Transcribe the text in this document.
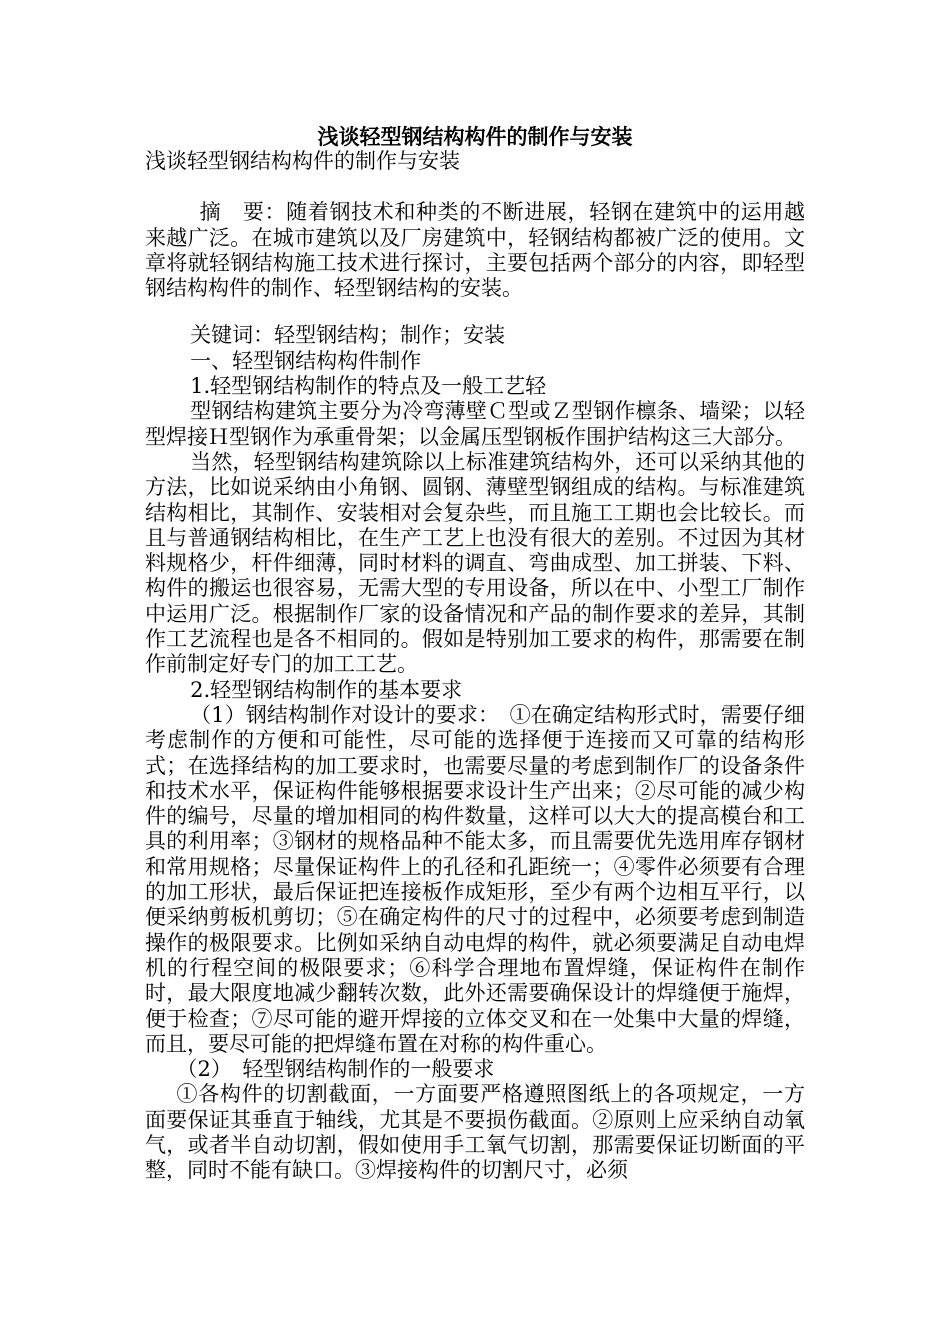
浅谈轻型钢结构构件的制作与安装

浅谈轻型钢结构构件的制作与安装

摘　要：随着钢技术和种类的不断进展，轻钢在建筑中的运用越来越广泛。在城市建筑以及厂房建筑中，轻钢结构都被广泛的使用。文章将就轻钢结构施工技术进行探讨，主要包括两个部分的内容，即轻型钢结构构件的制作、轻型钢结构的安装。

关键词：轻型钢结构；制作；安装

一、轻型钢结构构件制作

1.轻型钢结构制作的特点及一般工艺轻

型钢结构建筑主要分为冷弯薄壁Ｃ型或Ｚ型钢作檩条、墙梁；以轻型焊接Ｈ型钢作为承重骨架；以金属压型钢板作围护结构这三大部分。

当然，轻型钢结构建筑除以上标准建筑结构外，还可以采纳其他的方法，比如说采纳由小角钢、圆钢、薄壁型钢组成的结构。与标准建筑结构相比，其制作、安装相对会复杂些，而且施工工期也会比较长。而且与普通钢结构相比，在生产工艺上也没有很大的差别。不过因为其材料规格少，杆件细薄，同时材料的调直、弯曲成型、加工拼装、下料、构件的搬运也很容易，无需大型的专用设备，所以在中、小型工厂制作中运用广泛。根据制作厂家的设备情况和产品的制作要求的差异，其制作工艺流程也是各不相同的。假如是特别加工要求的构件，那需要在制作前制定好专门的加工工艺。

2.轻型钢结构制作的基本要求

（1）钢结构制作对设计的要求：　①在确定结构形式时，需要仔细考虑制作的方便和可能性，尽可能的选择便于连接而又可靠的结构形式；在选择结构的加工要求时，也需要尽量的考虑到制作厂的设备条件和技术水平，保证构件能够根据要求设计生产出来；②尽可能的减少构件的编号，尽量的增加相同的构件数量，这样可以大大的提高模台和工具的利用率；③钢材的规格品种不能太多，而且需要优先选用库存钢材和常用规格；尽量保证构件上的孔径和孔距统一；④零件必须要有合理的加工形状，最后保证把连接板作成矩形，至少有两个边相互平行，以便采纳剪板机剪切；⑤在确定构件的尺寸的过程中，必须要考虑到制造操作的极限要求。比例如采纳自动电焊的构件，就必须要满足自动电焊机的行程空间的极限要求；⑥科学合理地布置焊缝，保证构件在制作时，最大限度地减少翻转次数，此外还需要确保设计的焊缝便于施焊，便于检查；⑦尽可能的避开焊接的立体交叉和在一处集中大量的焊缝，而且，要尽可能的把焊缝布置在对称的构件重心。

（2）　轻型钢结构制作的一般要求

①各构件的切割截面，一方面要严格遵照图纸上的各项规定，一方面要保证其垂直于轴线，尤其是不要损伤截面。②原则上应采纳自动氧气，或者半自动切割，假如使用手工氧气切割，那需要保证切断面的平整，同时不能有缺口。③焊接构件的切割尺寸，必须
